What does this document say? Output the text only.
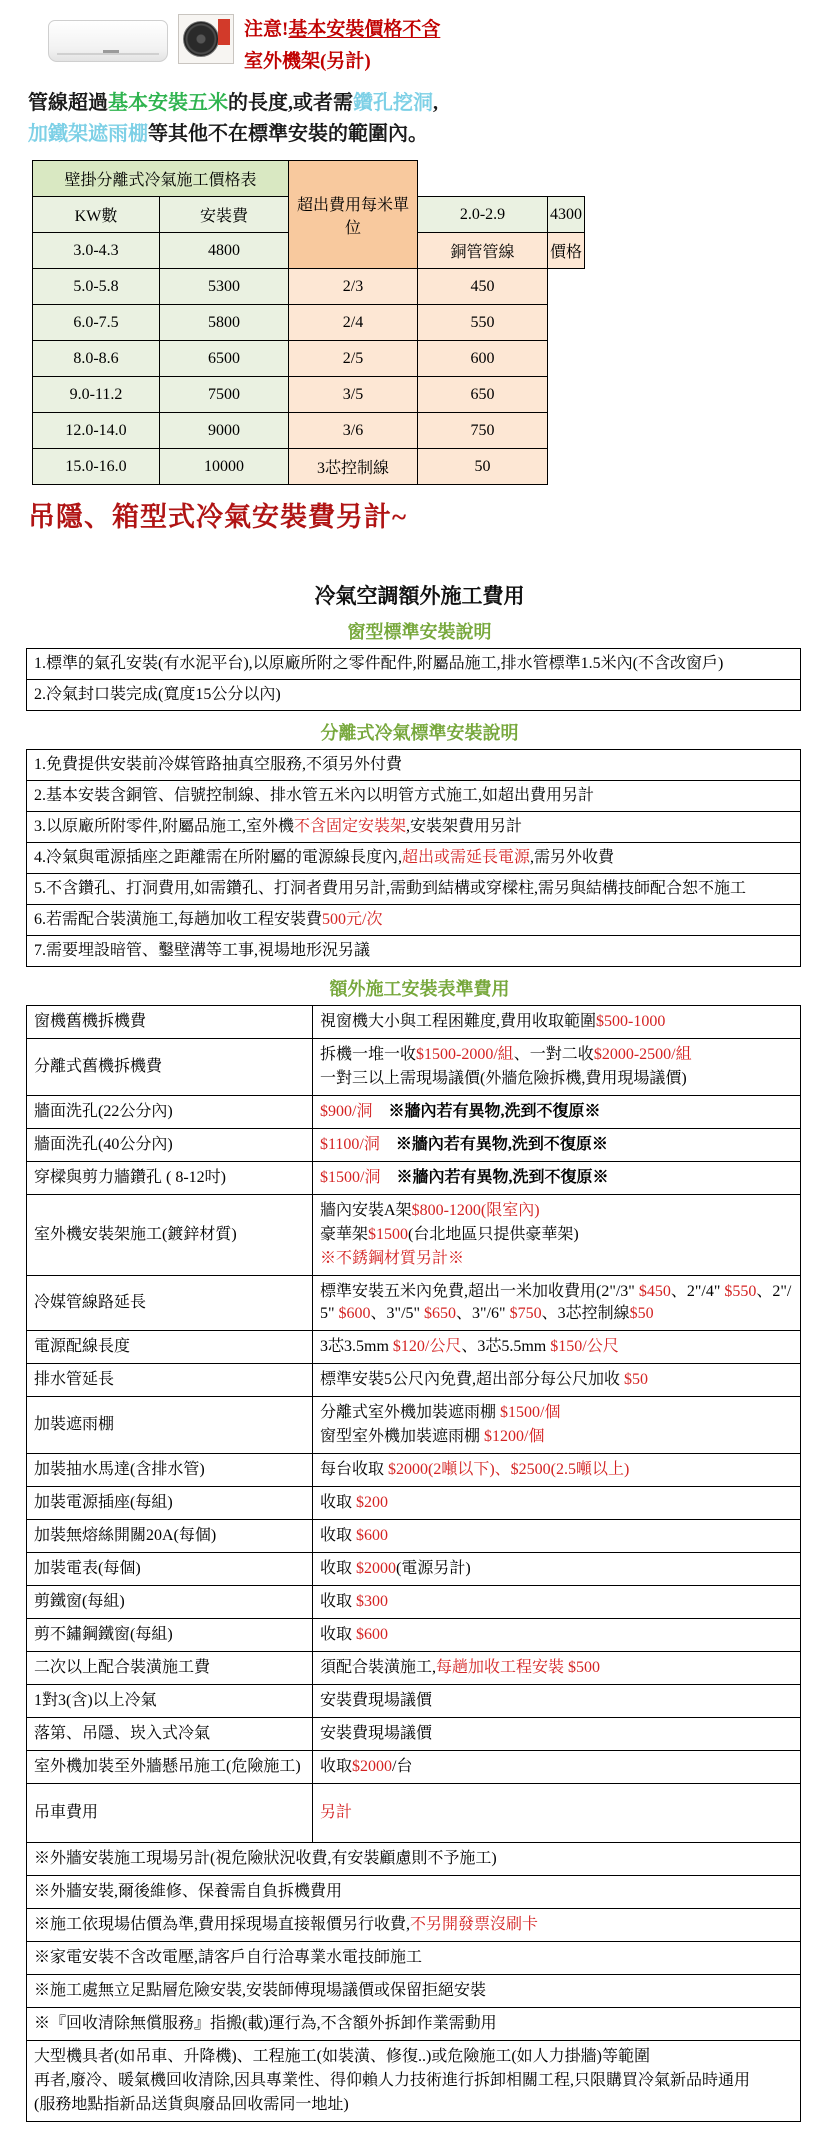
注意!基本安裝價格不含
室外機架(另計)
管線超過基本安裝五米的長度,或者需鑽孔挖洞,
加鐵架遮雨棚等其他不在標準安裝的範圍內。
壁掛分離式冷氣施工價格表		超出費用每米單位		
KW數	安裝費		2.0-2.9	4300
3.0-4.3	4800		銅管管線	價格
5.0-5.8	5300	2/3	450	
6.0-7.5	5800	2/4	550	
8.0-8.6	6500	2/5	600	
9.0-11.2	7500	3/5	650	
12.0-14.0	9000	3/6	750	
15.0-16.0	10000	3芯控制線	50	
吊隱、箱型式冷氣安裝費另計~
冷氣空調額外施工費用
窗型標準安裝說明
1.標準的氣孔安裝(有水泥平台),以原廠所附之零件配件,附屬品施工,排水管標準1.5米內(不含改窗戶)
2.冷氣封口裝完成(寬度15公分以內)
分離式冷氣標準安裝說明
1.免費提供安裝前冷媒管路抽真空服務,不須另外付費
2.基本安裝含銅管、信號控制線、排水管五米內以明管方式施工,如超出費用另計
3.以原廠所附零件,附屬品施工,室外機不含固定安裝架,安裝架費用另計
4.冷氣與電源插座之距離需在所附屬的電源線長度內,超出或需延長電源,需另外收費
5.不含鑽孔、打洞費用,如需鑽孔、打洞者費用另計,需動到結構或穿樑柱,需另與結構技師配合恕不施工
6.若需配合裝潢施工,每趟加收工程安裝費500元/次
7.需要埋設暗管、鑿壁溝等工事,視場地形況另議
額外施工安裝表準費用
窗機舊機拆機費	視窗機大小與工程困難度,費用收取範圍$500-1000

分離式舊機拆機費	拆機一堆一收$1500-2000/組、一對二收$2000-2500/組
一對三以上需現場議價(外牆危險拆機,費用現場議價)

牆面洗孔(22公分內)	$900/洞　 ※牆內若有異物,洗到不復原※

牆面洗孔(40公分內)	$1100/洞　 ※牆內若有異物,洗到不復原※

穿樑與剪力牆鑽孔 ( 8-12吋)	$1500/洞　 ※牆內若有異物,洗到不復原※

室外機安裝架施工(鍍鋅材質)	牆內安裝A架$800-1200(限室內)
豪華架$1500(台北地區只提供豪華架)
※不銹鋼材質另計※

冷媒管線路延長	標準安裝五米內免費,超出一米加收費用(2"/3" $450、2"/4" $550、2"/5" $600、3"/5" $650、3"/6" $750、3芯控制線$50

電源配線長度	3芯3.5mm $120/公尺、3芯5.5mm $150/公尺

排水管延長	標準安裝5公尺內免費,超出部分每公尺加收 $50

加裝遮雨棚	分離式室外機加裝遮雨棚 $1500/個
窗型室外機加裝遮雨棚 $1200/個

加裝抽水馬達(含排水管)	每台收取 $2000(2噸以下)、$2500(2.5噸以上)

加裝電源插座(每組)	收取 $200

加裝無熔絲開關20A(每個)	收取 $600

加裝電表(每個)	收取 $2000(電源另計)

剪鐵窗(每組)	收取 $300

剪不鏽鋼鐵窗(每組)	收取 $600

二次以上配合裝潢施工費	須配合裝潢施工,每趟加收工程安裝 $500

1對3(含)以上冷氣	安裝費現場議價

落第、吊隱、崁入式冷氣	安裝費現場議價

室外機加裝至外牆懸吊施工(危險施工)	收取$2000/台

吊車費用	另計

※外牆安裝施工現場另計(視危險狀況收費,有安裝顧慮則不予施工)	

※外牆安裝,爾後維修、保養需自負拆機費用	

※施工依現場估價為準,費用採現場直接報價另行收費,不另開發票沒刷卡	

※家電安裝不含改電壓,請客戶自行洽專業水電技師施工	

※施工處無立足點層危險安裝,安裝師傅現場議價或保留拒絕安裝	

※『回收清除無償服務』指搬(載)運行為,不含額外拆卸作業需動用	

大型機具者(如吊車、升降機)、工程施工(如裝潢、修復..)或危險施工(如人力掛牆)等範圍
再者,廢冷、暖氣機回收清除,因具專業性、得仰賴人力技術進行拆卸相關工程,只限購買冷氣新品時通用
(服務地點指新品送貨與廢品回收需同一地址)	
